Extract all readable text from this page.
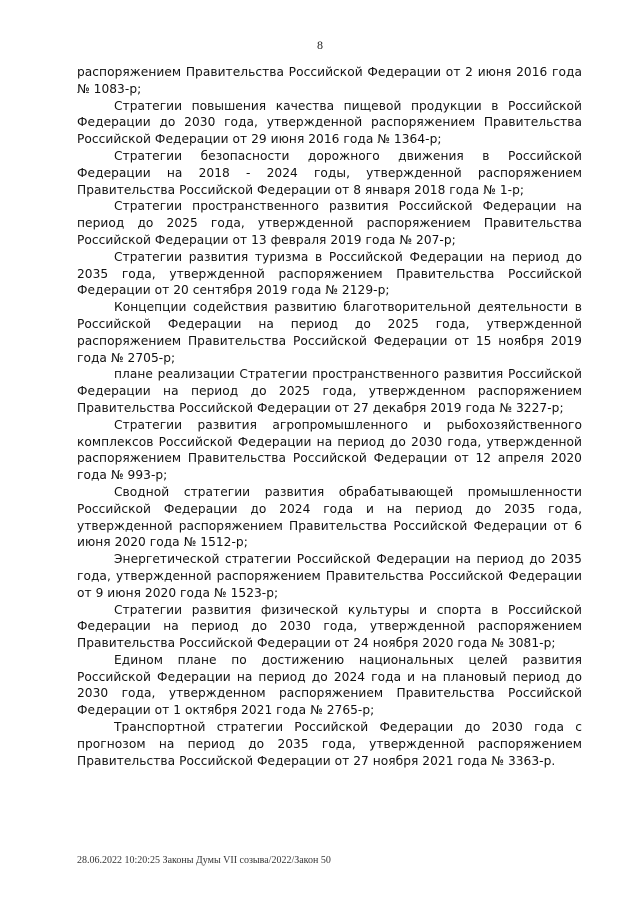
8

распоряжением Правительства Российской Федерации от 2 июня 2016 года № 1083-р;

Стратегии повышения качества пищевой продукции в Российской Федерации до 2030 года, утвержденной распоряжением Правительства Российской Федерации от 29 июня 2016 года № 1364-р;

Стратегии безопасности дорожного движения в Российской Федерации на 2018 - 2024 годы, утвержденной распоряжением Правительства Российской Федерации от 8 января 2018 года № 1-р;

Стратегии пространственного развития Российской Федерации на период до 2025 года, утвержденной распоряжением Правительства Российской Федерации от 13 февраля 2019 года № 207-р;

Стратегии развития туризма в Российской Федерации на период до 2035 года, утвержденной распоряжением Правительства Российской Федерации от 20 сентября 2019 года № 2129-р;

Концепции содействия развитию благотворительной деятельности в Российской Федерации на период до 2025 года, утвержденной распоряжением Правительства Российской Федерации от 15 ноября 2019 года № 2705-р;

плане реализации Стратегии пространственного развития Российской Федерации на период до 2025 года, утвержденном распоряжением Правительства Российской Федерации от 27 декабря 2019 года № 3227-р;

Стратегии развития агропромышленного и рыбохозяйственного комплексов Российской Федерации на период до 2030 года, утвержденной распоряжением Правительства Российской Федерации от 12 апреля 2020 года № 993-р;

Сводной стратегии развития обрабатывающей промышленности Российской Федерации до 2024 года и на период до 2035 года, утвержденной распоряжением Правительства Российской Федерации от 6 июня 2020 года № 1512-р;

Энергетической стратегии Российской Федерации на период до 2035 года, утвержденной распоряжением Правительства Российской Федерации от 9 июня 2020 года № 1523-р;

Стратегии развития физической культуры и спорта в Российской Федерации на период до 2030 года, утвержденной распоряжением Правительства Российской Федерации от 24 ноября 2020 года № 3081-р;

Едином плане по достижению национальных целей развития Российской Федерации на период до 2024 года и на плановый период до 2030 года, утвержденном распоряжением Правительства Российской Федерации от 1 октября 2021 года № 2765-р;

Транспортной стратегии Российской Федерации до 2030 года с прогнозом на период до 2035 года, утвержденной распоряжением Правительства Российской Федерации от 27 ноября 2021 года № 3363-р.

28.06.2022 10:20:25 Законы Думы VII созыва/2022/Закон 50
